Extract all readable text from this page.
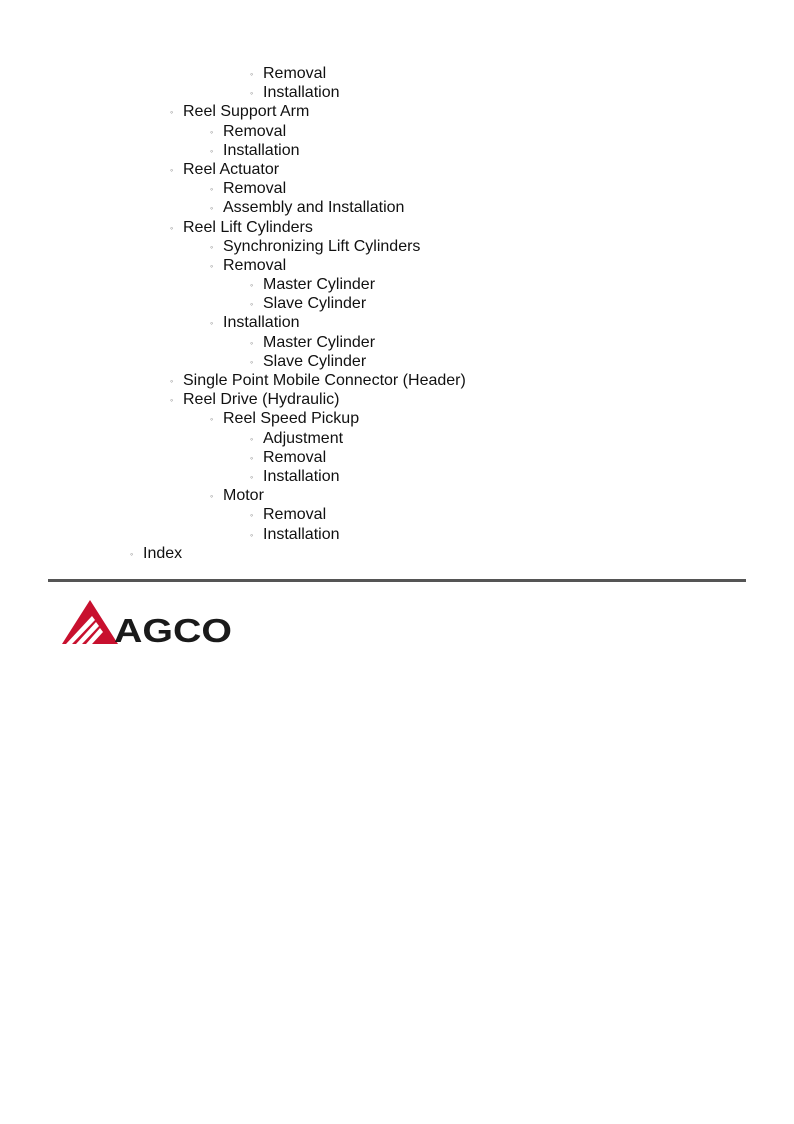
◦ Removal
◦ Installation
◦ Reel Support Arm
◦ Removal
◦ Installation
◦ Reel Actuator
◦ Removal
◦ Assembly and Installation
◦ Reel Lift Cylinders
◦ Synchronizing Lift Cylinders
◦ Removal
◦ Master Cylinder
◦ Slave Cylinder
◦ Installation
◦ Master Cylinder
◦ Slave Cylinder
◦ Single Point Mobile Connector (Header)
◦ Reel Drive (Hydraulic)
◦ Reel Speed Pickup
◦ Adjustment
◦ Removal
◦ Installation
◦ Motor
◦ Removal
◦ Installation
◦ Index
AGCO
